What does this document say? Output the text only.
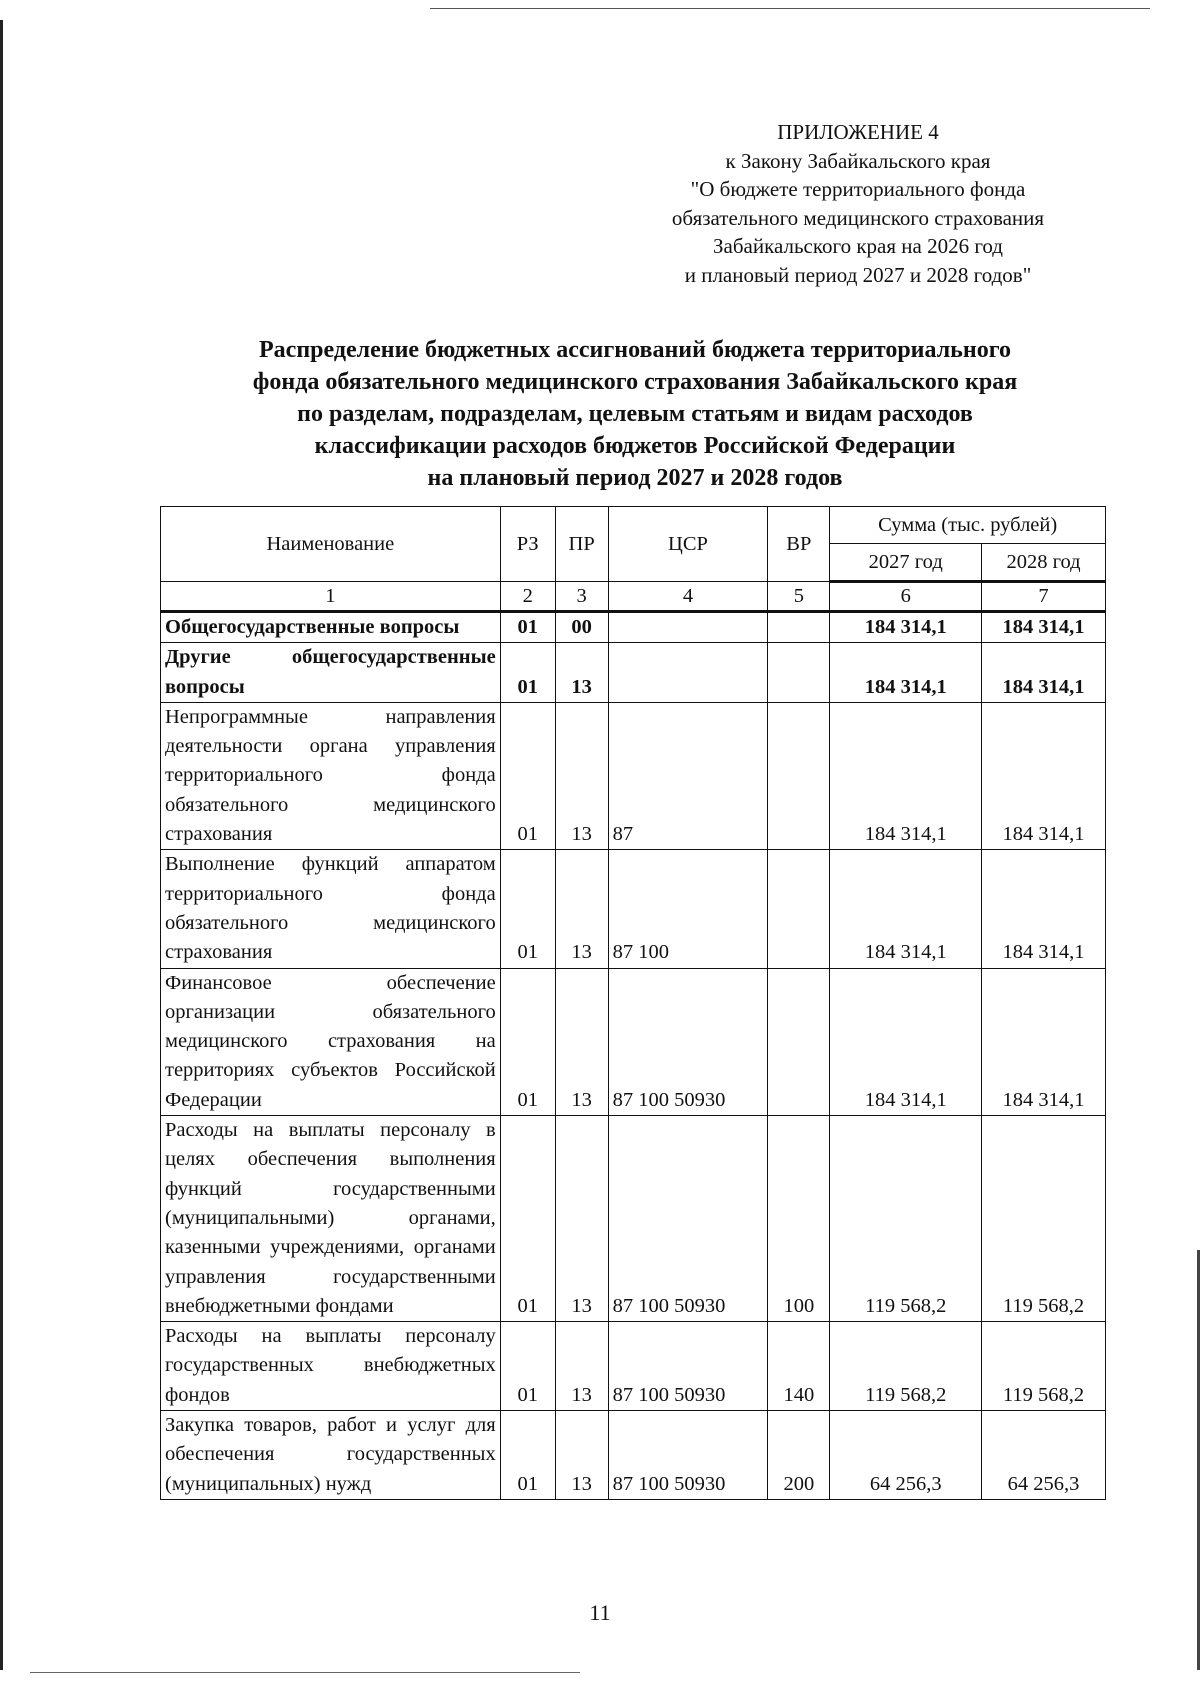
ПРИЛОЖЕНИЕ 4
к Закону Забайкальского края
"О бюджете территориального фонда
обязательного медицинского страхования
Забайкальского края на 2026 год
и плановый период 2027 и 2028 годов"
Распределение бюджетных ассигнований бюджета территориального
фонда обязательного медицинского страхования Забайкальского края
по разделам, подразделам, целевым статьям и видам расходов
классификации расходов бюджетов Российской Федерации
на плановый период 2027 и 2028 годов
Наименование	РЗ	ПР	ЦСР	ВР	Сумма (тыс. рублей)	
					2027 год	2028 год
1	2	3	4	5	6	7
Общегосударственные вопросы	01	00			184 314,1	184 314,1
Другие общегосударственные вопросы	01	13			184 314,1	184 314,1
Непрограммные направления деятельности органа управления территориального фонда обязательного медицинского страхования	01	13	87		184 314,1	184 314,1
Выполнение функций аппаратом территориального фонда обязательного медицинского страхования	01	13	87 100		184 314,1	184 314,1
Финансовое обеспечение организации обязательного медицинского страхования на территориях субъектов Российской Федерации	01	13	87 100 50930		184 314,1	184 314,1
Расходы на выплаты персоналу в целях обеспечения выполнения функций государственными (муниципальными) органами, казенными учреждениями, органами управления государственными внебюджетными фондами	01	13	87 100 50930	100	119 568,2	119 568,2
Расходы на выплаты персоналу государственных внебюджетных фондов	01	13	87 100 50930	140	119 568,2	119 568,2
Закупка товаров, работ и услуг для обеспечения государственных (муниципальных) нужд	01	13	87 100 50930	200	64 256,3	64 256,3
11
